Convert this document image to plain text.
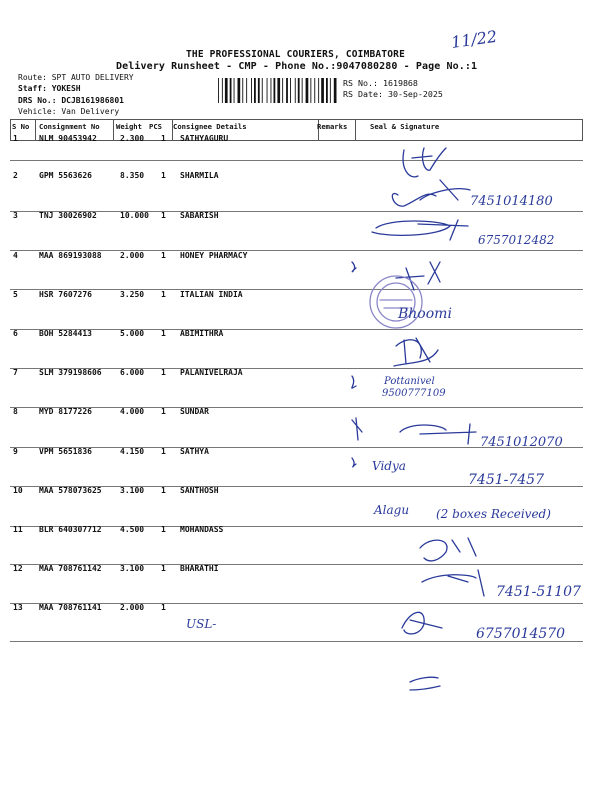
THE PROFESSIONAL COURIERS, COIMBATORE
Delivery Runsheet - CMP - Phone No.:9047080280 - Page No.:1
Route: SPT AUTO DELIVERY
Staff: YOKESH
DRS No.: DCJB161986801
Vehicle: Van Delivery
RS No.: 1619868
RS Date: 30-Sep-2025
S No Consignment No Weight PCS Consignee Details	Remarks	Seal & Signature
1	NLM 90453942	2.300 1 SATHYAGURU
2	GPM 5563626	8.350 1 SHARMILA
3	TNJ 30026902	10.000 1 SABARISH
4	MAA 869193088 2.000 1 HONEY PHARMACY
5	HSR 7607276	3.250 1 ITALIAN INDIA
6	BOH 5284413	5.000 1 ABIMITHRA
7	SLM 379198606 6.000 1 PALANIVELRAJA
8	MYD 8177226	4.000 1 SUNDAR
9	VPM 5651836	4.150 1 SATHYA
10 MAA 578073625 3.100 1 SANTHOSH
11 BLR 640307712 4.500 1 MOHANDASS
12 MAA 708761142 3.100 1 BHARATHI
13 MAA 708761141 2.000 1
11/22
7451014180
6757012482
Bhoomi
Pottanivel
9500777109
7451012070
Vidya
7451-7457
Alagu (2 boxes Received)
7451-51107
USL-
6757014570
